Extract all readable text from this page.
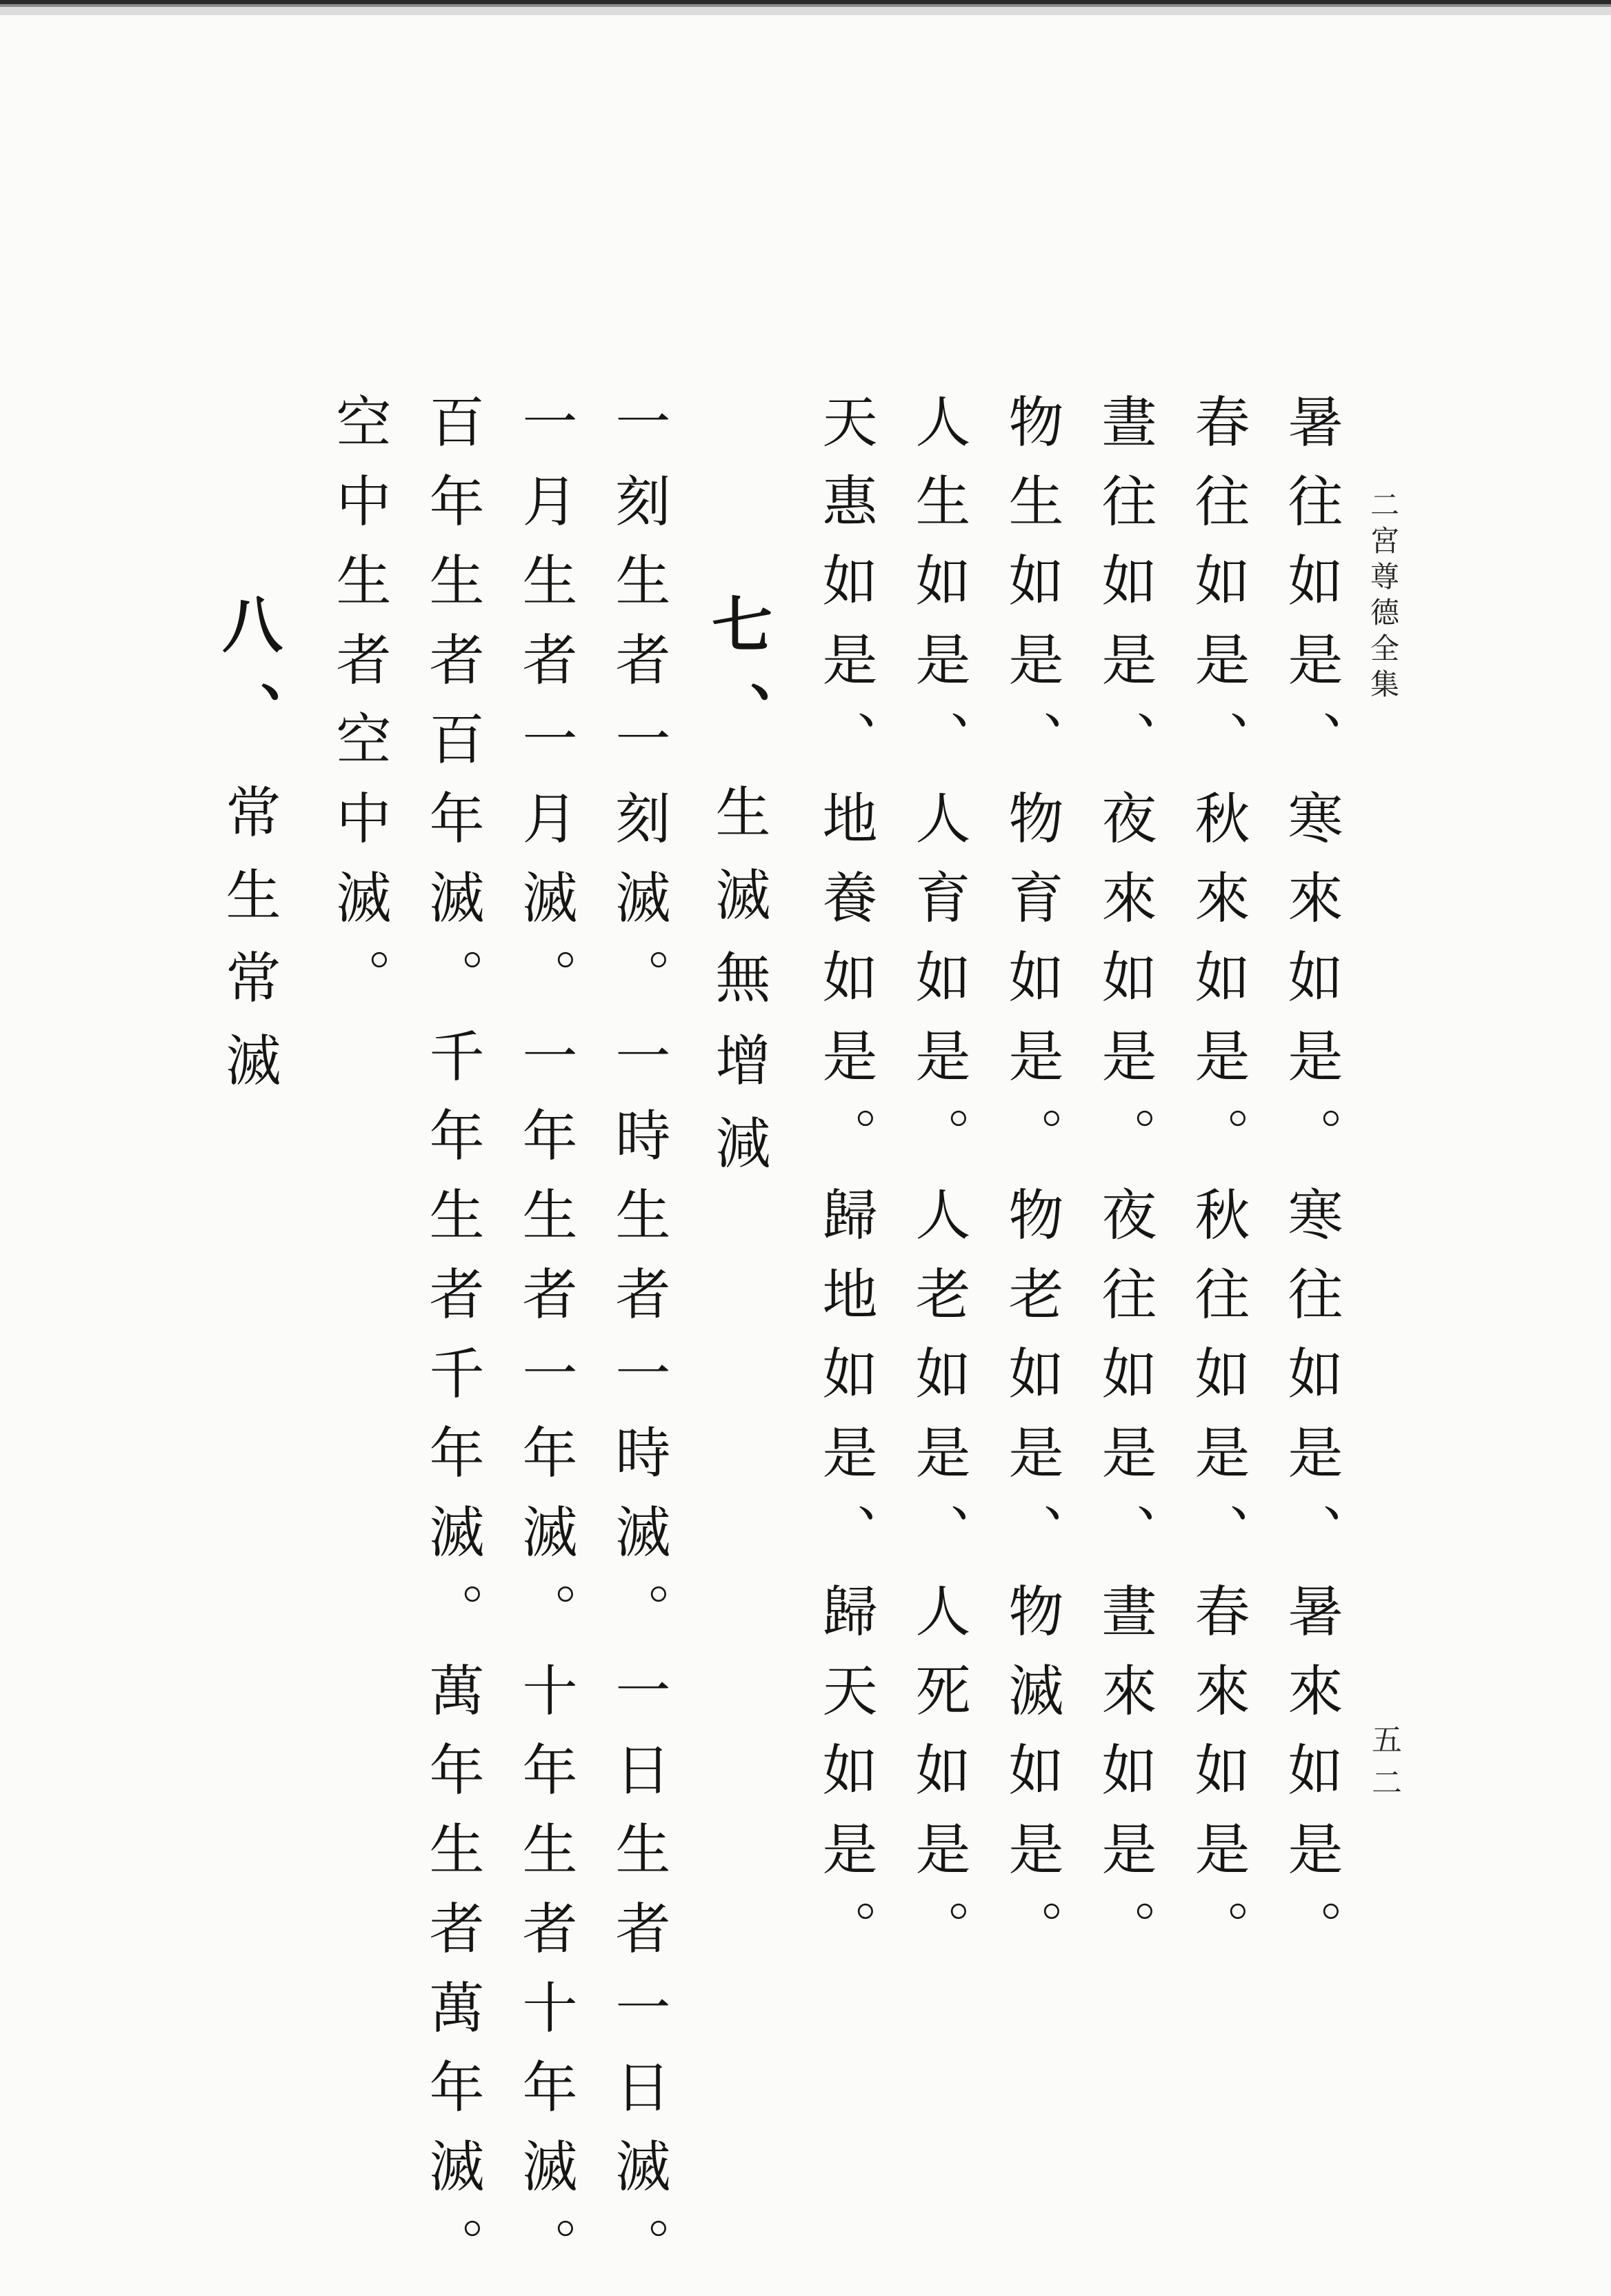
二宮尊德全集
五二
暑往如是、寒來如是。寒往如是、暑來如是。
春往如是、秋來如是。秋往如是、春來如是。
晝往如是、夜來如是。夜往如是、晝來如是。
物生如是、物育如是。物老如是、物滅如是。
人生如是、人育如是。人老如是、人死如是。
天惠如是、地養如是。歸地如是、歸天如是。
七、生滅無增減
一刻生者一刻滅。一時生者一時滅。一日生者一日滅。
一月生者一月滅。一年生者一年滅。十年生者十年滅。
百年生者百年滅。千年生者千年滅。萬年生者萬年滅。
空中生者空中滅。
八、常生常滅
